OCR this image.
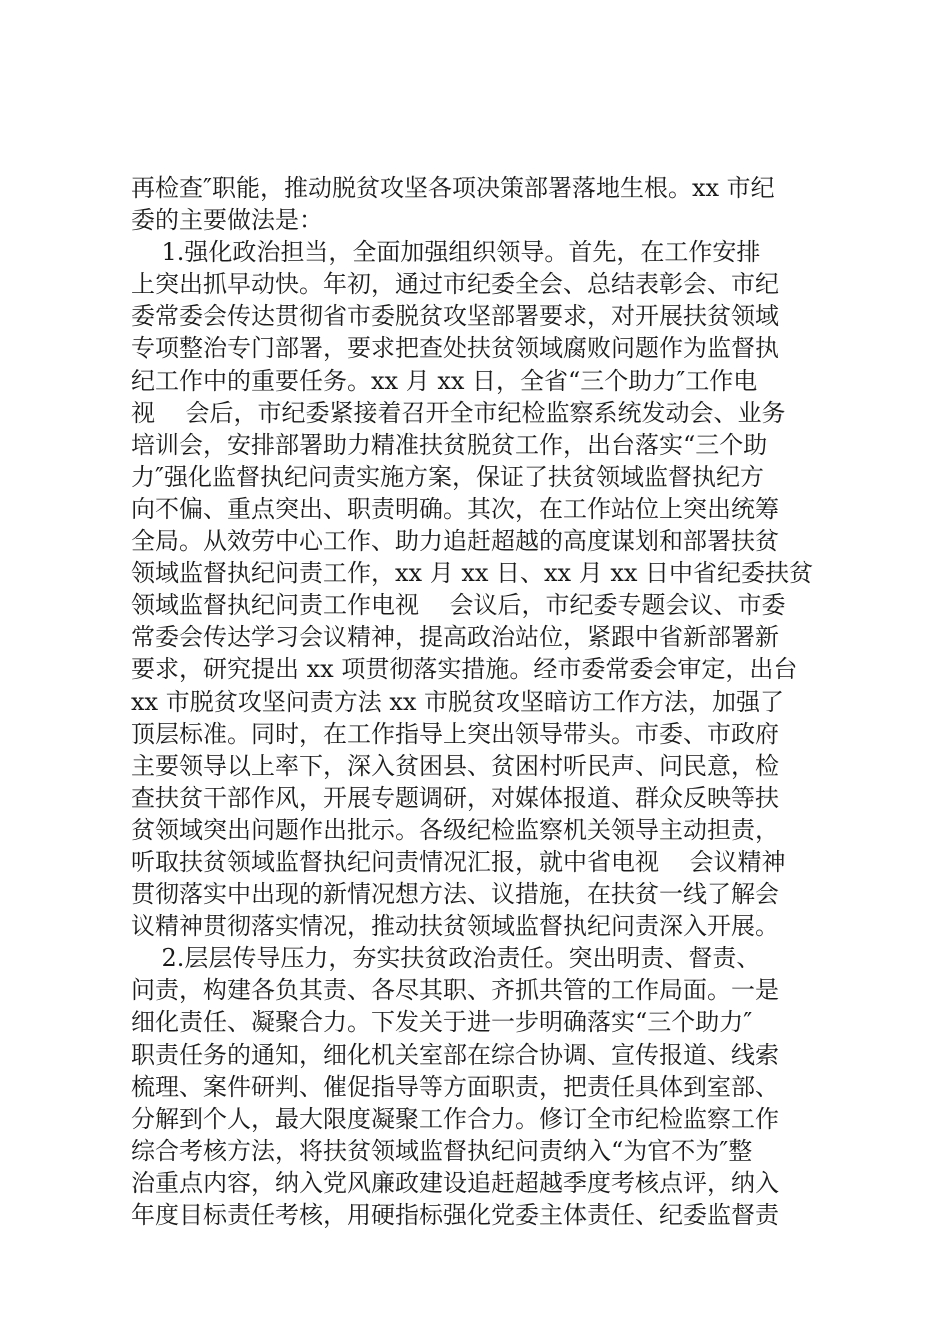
再检查″职能，推动脱贫攻坚各项决策部署落地生根。xx 市纪
委的主要做法是：
1.强化政治担当，全面加强组织领导。首先，在工作安排
上突出抓早动快。年初，通过市纪委全会、总结表彰会、市纪
委常委会传达贯彻省市委脱贫攻坚部署要求，对开展扶贫领域
专项整治专门部署，要求把查处扶贫领域腐败问题作为监督执
纪工作中的重要任务。xx 月 xx 日，全省“三个助力″工作电
视    会后，市纪委紧接着召开全市纪检监察系统发动会、业务
培训会，安排部署助力精准扶贫脱贫工作，出台落实“三个助
力″强化监督执纪问责实施方案，保证了扶贫领域监督执纪方
向不偏、重点突出、职责明确。其次，在工作站位上突出统筹
全局。从效劳中心工作、助力追赶超越的高度谋划和部署扶贫
领域监督执纪问责工作，xx 月 xx 日、xx 月 xx 日中省纪委扶贫
领域监督执纪问责工作电视    会议后，市纪委专题会议、市委
常委会传达学习会议精神，提高政治站位，紧跟中省新部署新
要求，研究提出 xx 项贯彻落实措施。经市委常委会审定，出台
xx 市脱贫攻坚问责方法 xx 市脱贫攻坚暗访工作方法，加强了
顶层标准。同时，在工作指导上突出领导带头。市委、市政府
主要领导以上率下，深入贫困县、贫困村听民声、问民意，检
查扶贫干部作风，开展专题调研，对媒体报道、群众反映等扶
贫领域突出问题作出批示。各级纪检监察机关领导主动担责，
听取扶贫领域监督执纪问责情况汇报，就中省电视    会议精神
贯彻落实中出现的新情况想方法、议措施，在扶贫一线了解会
议精神贯彻落实情况，推动扶贫领域监督执纪问责深入开展。
2.层层传导压力，夯实扶贫政治责任。突出明责、督责、
问责，构建各负其责、各尽其职、齐抓共管的工作局面。一是
细化责任、凝聚合力。下发关于进一步明确落实“三个助力″
职责任务的通知，细化机关室部在综合协调、宣传报道、线索
梳理、案件研判、催促指导等方面职责，把责任具体到室部、
分解到个人，最大限度凝聚工作合力。修订全市纪检监察工作
综合考核方法，将扶贫领域监督执纪问责纳入“为官不为″整
治重点内容，纳入党风廉政建设追赶超越季度考核点评，纳入
年度目标责任考核，用硬指标强化党委主体责任、纪委监督责
